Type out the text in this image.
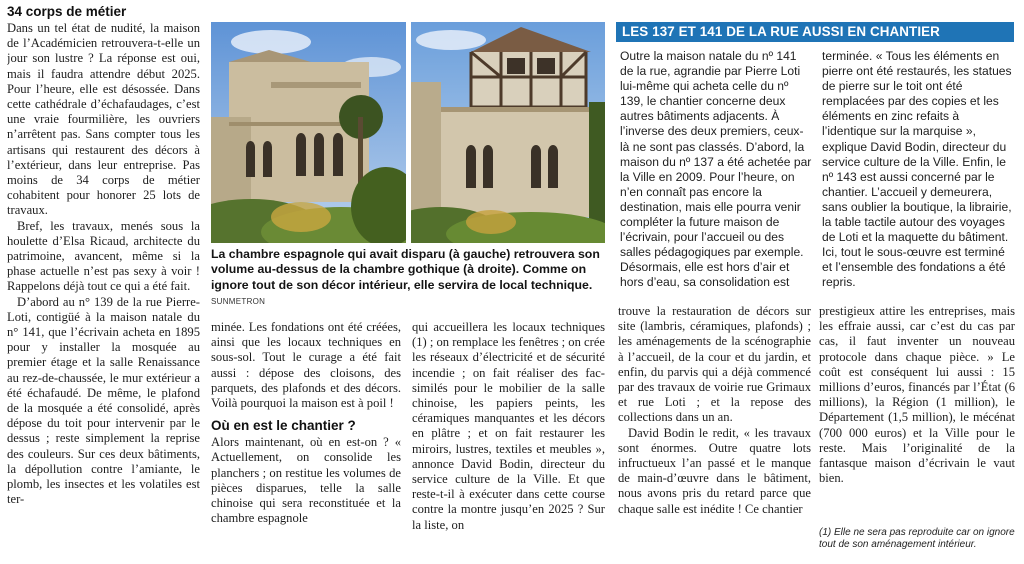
34 corps de métier

Dans un tel état de nudité, la maison de l’Académicien retrouvera-t-elle un jour son lustre ? La réponse est oui, mais il faudra attendre début 2025. Pour l’heure, elle est désossée. Dans cette cathédrale d’échafaudages, c’est une vraie fourmilière, les ouvriers n’arrêtent pas. Sans compter tous les artisans qui restaurent des décors à l’extérieur, dans leur entreprise. Pas moins de 34 corps de métier cohabitent pour honorer 25 lots de travaux.

Bref, les travaux, menés sous la houlette d’Elsa Ricaud, architecte du patrimoine, avancent, même si la phase actuelle n’est pas sexy à voir ! Rappelons déjà tout ce qui a été fait.

D’abord au n° 139 de la rue Pierre-Loti, contigüé à la maison natale du n° 141, que l’écrivain acheta en 1895 pour y installer la mosquée au premier étage et la salle Renaissance au rez-de-chaussée, le mur extérieur a été échafaudé. De même, le plafond de la mosquée a été consolidé, après dépose du toit pour intervenir par le dessus ; reste simplement la reprise des couleurs. Sur ces deux bâtiments, la dépollution contre l’amiante, le plomb, les insectes et les volatiles est ter-

La chambre espagnole qui avait disparu (à gauche) retrouvera son volume au-dessus de la chambre gothique (à droite). Comme on ignore tout de son décor intérieur, elle servira de local technique. SUNMETRON

minée. Les fondations ont été créées, ainsi que les locaux techniques en sous-sol. Tout le curage a été fait aussi : dépose des cloisons, des parquets, des plafonds et des décors. Voilà pourquoi la maison est à poil !

Où en est le chantier ?

Alors maintenant, où en est-on ? « Actuellement, on consolide les planchers ; on restitue les volumes de pièces disparues, telle la salle chinoise qui sera reconstituée et la chambre espagnole

qui accueillera les locaux techniques (1) ; on remplace les fenêtres ; on crée les réseaux d’électricité et de sécurité incendie ; on fait réaliser des fac-similés pour le mobilier de la salle chinoise, les papiers peints, les céramiques manquantes et les décors en plâtre ; et on fait restaurer les miroirs, lustres, textiles et meubles », annonce David Bodin, directeur du service culture de la Ville. Et que reste-t-il à exécuter dans cette course contre la montre jusqu’en 2025 ? Sur la liste, on

LES 137 ET 141 DE LA RUE AUSSI EN CHANTIER

Outre la maison natale du nº 141 de la rue, agrandie par Pierre Loti lui-même qui acheta celle du nº 139, le chantier concerne deux autres bâtiments adjacents. À l’inverse des deux premiers, ceux-là ne sont pas classés. D’abord, la maison du nº 137 a été achetée par la Ville en 2009. Pour l’heure, on n’en connaît pas encore la destination, mais elle pourra venir compléter la future maison de l’écrivain, pour l’accueil ou des salles pédagogiques par exemple.

Désormais, elle est hors d’air et hors d’eau, sa consolidation est

terminée. « Tous les éléments en pierre ont été restaurés, les statues de pierre sur le toit ont été remplacées par des copies et les éléments en zinc refaits à l’identique sur la marquise », explique David Bodin, directeur du service culture de la Ville. Enfin, le nº 143 est aussi concerné par le chantier. L’accueil y demeurera, sans oublier la boutique, la librairie, la table tactile autour des voyages de Loti et la maquette du bâtiment. Ici, tout le sous-œuvre est terminé et l’ensemble des fondations a été repris.

trouve la restauration de décors sur site (lambris, céramiques, plafonds) ; les aménagements de la scénographie à l’accueil, de la cour et du jardin, et enfin, du parvis qui a déjà commencé par des travaux de voirie rue Grimaux et rue Loti ; et la repose des collections dans un an.

David Bodin le redit, « les travaux sont énormes. Outre quatre lots infructueux l’an passé et le manque de main-d’œuvre dans le bâtiment, nous avons pris du retard parce que chaque salle est inédite ! Ce chantier

prestigieux attire les entreprises, mais les effraie aussi, car c’est du cas par cas, il faut inventer un nouveau protocole dans chaque pièce. » Le coût est conséquent lui aussi : 15 millions d’euros, financés par l’État (6 millions), la Région (1 million), le Département (1,5 million), le mécénat (700 000 euros) et la Ville pour le reste. Mais l’originalité de la fantasque maison d’écrivain le vaut bien.

(1) Elle ne sera pas reproduite car on ignore tout de son aménagement intérieur.
